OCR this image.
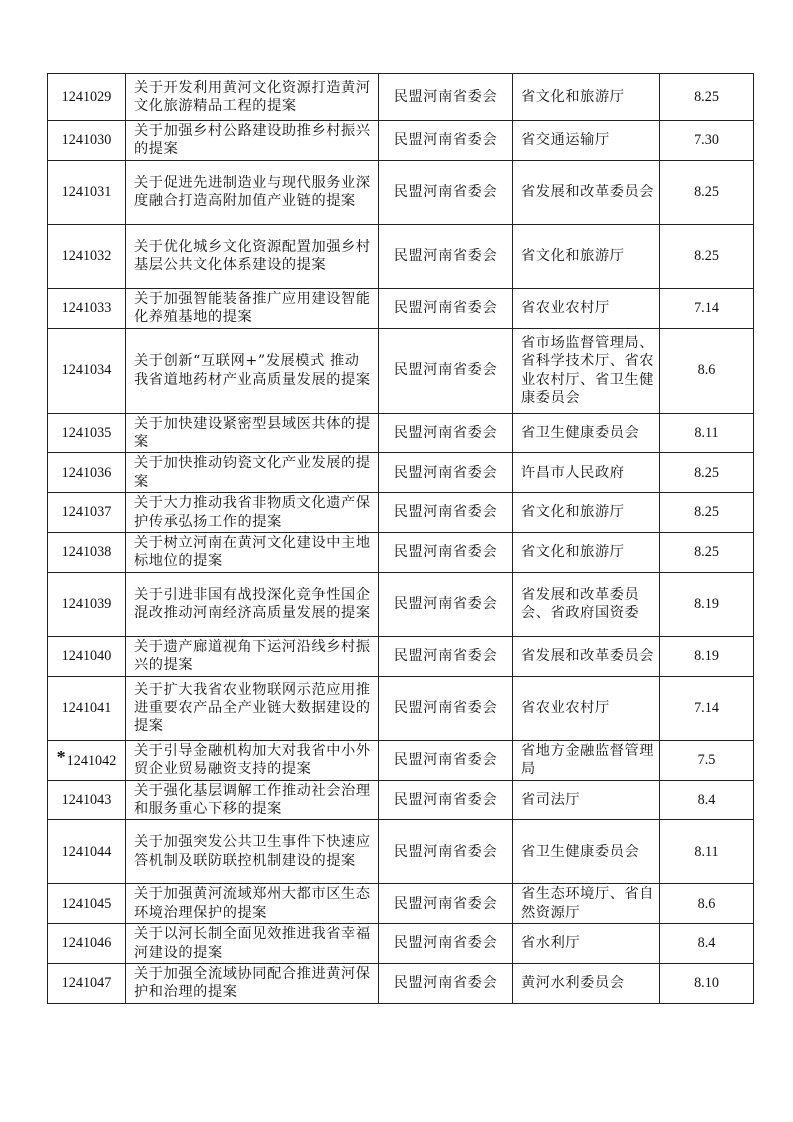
1241029	关于开发利用黄河文化资源打造黄河文化旅游精品工程的提案	民盟河南省委会	省文化和旅游厅	8.25
1241030	关于加强乡村公路建设助推乡村振兴的提案	民盟河南省委会	省交通运输厅	7.30
1241031	关于促进先进制造业与现代服务业深度融合打造高附加值产业链的提案	民盟河南省委会	省发展和改革委员会	8.25
1241032	关于优化城乡文化资源配置加强乡村基层公共文化体系建设的提案	民盟河南省委会	省文化和旅游厅	8.25
1241033	关于加强智能装备推广应用建设智能化养殖基地的提案	民盟河南省委会	省农业农村厅	7.14
1241034	关于创新“互联网+”发展模式 推动我省道地药材产业高质量发展的提案	民盟河南省委会	省市场监督管理局、省科学技术厅、省农业农村厅、省卫生健康委员会	8.6
1241035	关于加快建设紧密型县域医共体的提案	民盟河南省委会	省卫生健康委员会	8.11
1241036	关于加快推动钧瓷文化产业发展的提案	民盟河南省委会	许昌市人民政府	8.25
1241037	关于大力推动我省非物质文化遗产保护传承弘扬工作的提案	民盟河南省委会	省文化和旅游厅	8.25
1241038	关于树立河南在黄河文化建设中主地标地位的提案	民盟河南省委会	省文化和旅游厅	8.25
1241039	关于引进非国有战投深化竞争性国企混改推动河南经济高质量发展的提案	民盟河南省委会	省发展和改革委员会、省政府国资委	8.19
1241040	关于遗产廊道视角下运河沿线乡村振兴的提案	民盟河南省委会	省发展和改革委员会	8.19
1241041	关于扩大我省农业物联网示范应用推进重要农产品全产业链大数据建设的提案	民盟河南省委会	省农业农村厅	7.14
*1241042	关于引导金融机构加大对我省中小外贸企业贸易融资支持的提案	民盟河南省委会	省地方金融监督管理局	7.5
1241043	关于强化基层调解工作推动社会治理和服务重心下移的提案	民盟河南省委会	省司法厅	8.4
1241044	关于加强突发公共卫生事件下快速应答机制及联防联控机制建设的提案	民盟河南省委会	省卫生健康委员会	8.11
1241045	关于加强黄河流域郑州大都市区生态环境治理保护的提案	民盟河南省委会	省生态环境厅、省自然资源厅	8.6
1241046	关于以河长制全面见效推进我省幸福河建设的提案	民盟河南省委会	省水利厅	8.4
1241047	关于加强全流域协同配合推进黄河保护和治理的提案	民盟河南省委会	黄河水利委员会	8.10
